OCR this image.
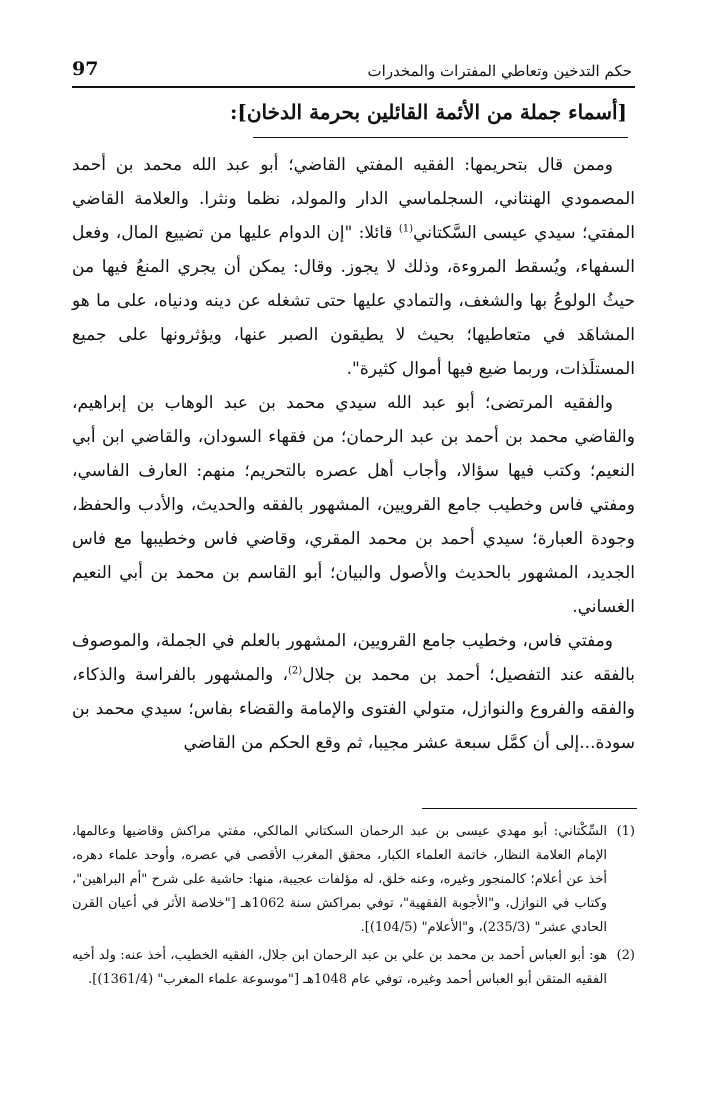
97	حكم التدخين وتعاطي المفترات والمخدرات
[أسماء جملة من الأئمة القائلين بحرمة الدخان]:

وممن قال بتحريمها: الفقيه المفتي القاضي؛ أبو عبد الله محمد بن أحمد المصمودي الهنتاني، السجلماسي الدار والمولد، نظما ونثرا. والعلامة القاضي المفتي؛ سيدي عيسى السَّكتاني$^{(1)}$ قائلا: "إن الدوام عليها من تضييع المال، وفعل السفهاء، ويُسقط المروءة، وذلك لا يجوز. وقال: يمكن أن يجري المنعُ فيها من حيثُ الولوعُ بها والشغف، والتمادي عليها حتى تشغله عن دينه ودنياه، على ما هو المشاهَد في متعاطيها؛ بحيث لا يطيقون الصبر عنها، ويؤثرونها على جميع المستلَذات، وربما ضيع فيها أموال كثيرة".

والفقيه المرتضى؛ أبو عبد الله سيدي محمد بن عبد الوهاب بن إبراهيم، والقاضي محمد بن أحمد بن عبد الرحمان؛ من فقهاء السودان، والقاضي ابن أبي النعيم؛ وكتب فيها سؤالا، وأجاب أهل عصره بالتحريم؛ منهم: العارف الفاسي، ومفتي فاس وخطيب جامع القرويين، المشهور بالفقه والحديث، والأدب والحفظ، وجودة العبارة؛ سيدي أحمد بن محمد المقري، وقاضي فاس وخطيبها مع فاس الجديد، المشهور بالحديث والأصول والبيان؛ أبو القاسم بن محمد بن أبي النعيم الغساني.

ومفتي فاس، وخطيب جامع القرويين، المشهور بالعلم في الجملة، والموصوف بالفقه عند التفصيل؛ أحمد بن محمد بن جلال$^{(2)}$، والمشهور بالفراسة والذكاء، والفقه والفروع والنوازل، متولي الفتوى والإمامة والقضاء بفاس؛ سيدي محمد بن سودة...إلى أن كمَّل سبعة عشر مجيبا، ثم وقع الحكم من القاضي

(1)
السِّكْتاني: أبو مهدي عيسى بن عبد الرحمان السكتاني المالكي، مفتي مراكش وقاضيها وعالمها، الإمام العلامة النظار، خاتمة العلماء الكبار، محقق المغرب الأقصى في عصره، وأوحد علماء دهره، أخذ عن أعلام؛ كالمنجور وغيره، وعنه خلق، له مؤلفات عجيبة، منها: حاشية على شرح "أم البراهين"، وكتاب في النوازل، و"الأجوبة الفقهية"، توفي بمراكش سنة 1062هـ ["خلاصة الأثر في أعيان القرن الحادي عشر" (235/3)، و"الأعلام" (104/5)].
(2)
هو: أبو العباس أحمد بن محمد بن علي بن عبد الرحمان ابن جلال، الفقيه الخطيب، أخذ عنه: ولد أخيه الفقيه المتقن أبو العباس أحمد وغيره، توفي عام 1048هـ ["موسوعة علماء المغرب" (1361/4)].
